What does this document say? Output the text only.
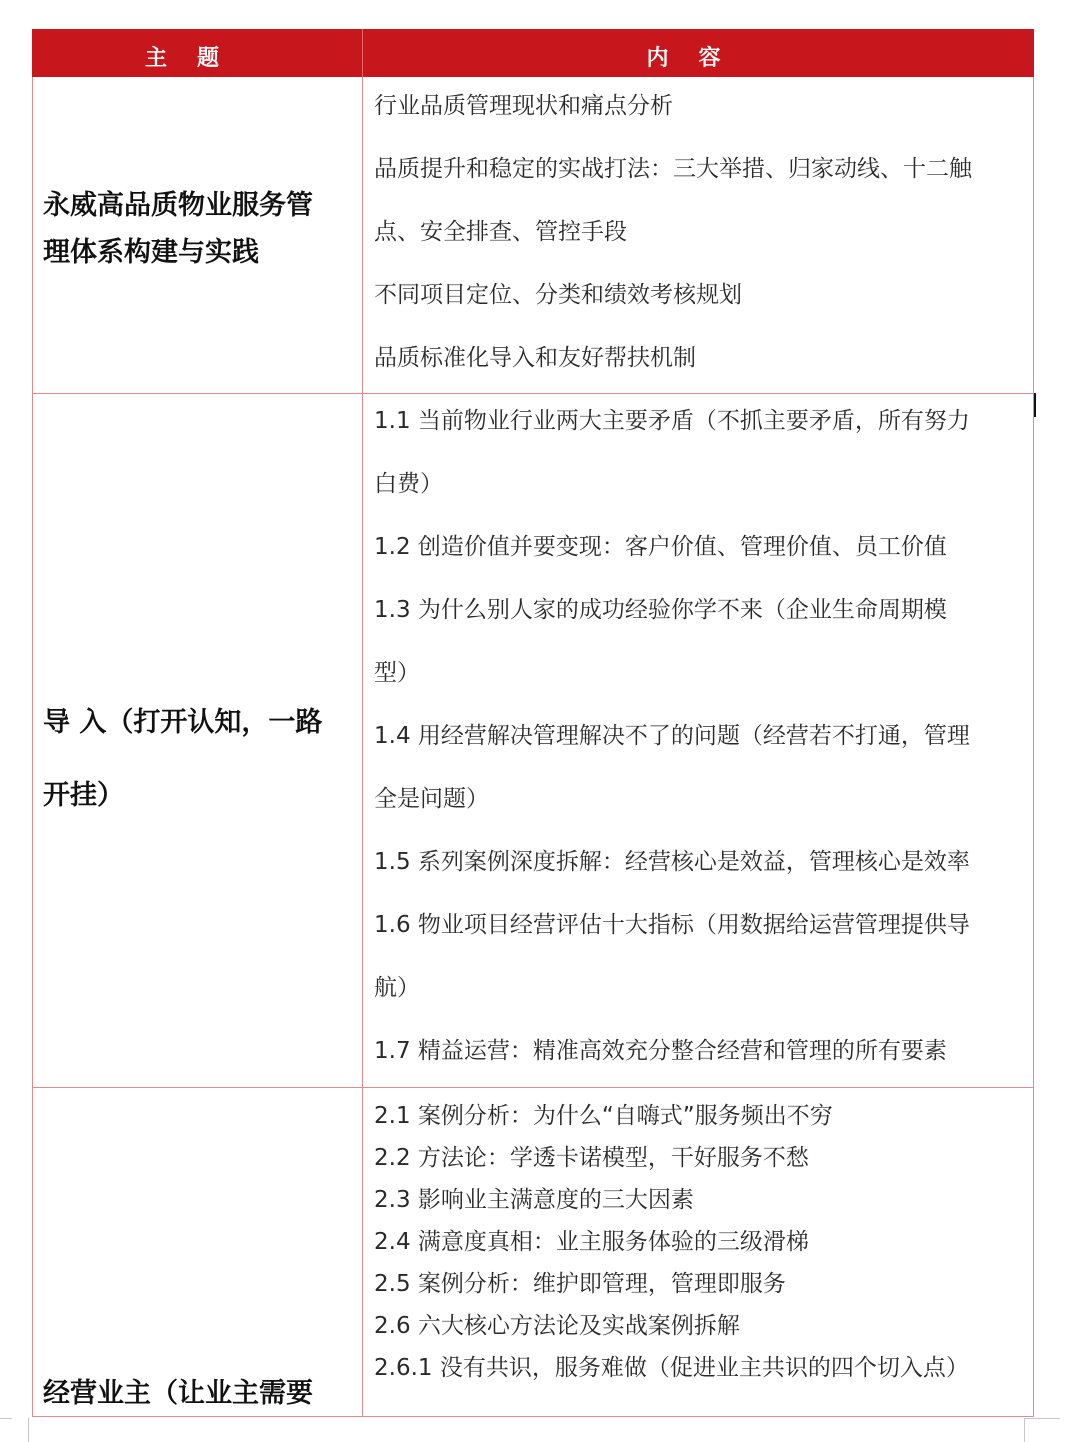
主题	内容
永威高品质物业服务管
理体系构建与实践
行业品质管理现状和痛点分析
品质提升和稳定的实战打法：三大举措、归家动线、十二触
点、安全排查、管控手段
不同项目定位、分类和绩效考核规划
品质标准化导入和友好帮扶机制
导 入（打开认知，一路
开挂）
1.1 当前物业行业两大主要矛盾（不抓主要矛盾，所有努力
白费）
1.2 创造价值并要变现：客户价值、管理价值、员工价值
1.3 为什么别人家的成功经验你学不来（企业生命周期模
型）
1.4 用经营解决管理解决不了的问题（经营若不打通，管理
全是问题）
1.5 系列案例深度拆解：经营核心是效益，管理核心是效率
1.6 物业项目经营评估十大指标（用数据给运营管理提供导
航）
1.7 精益运营：精准高效充分整合经营和管理的所有要素
经营业主（让业主需要
2.1 案例分析：为什么“自嗨式”服务频出不穷
2.2 方法论：学透卡诺模型，干好服务不愁
2.3 影响业主满意度的三大因素
2.4 满意度真相：业主服务体验的三级滑梯
2.5 案例分析：维护即管理，管理即服务
2.6 六大核心方法论及实战案例拆解
2.6.1 没有共识，服务难做（促进业主共识的四个切入点）
